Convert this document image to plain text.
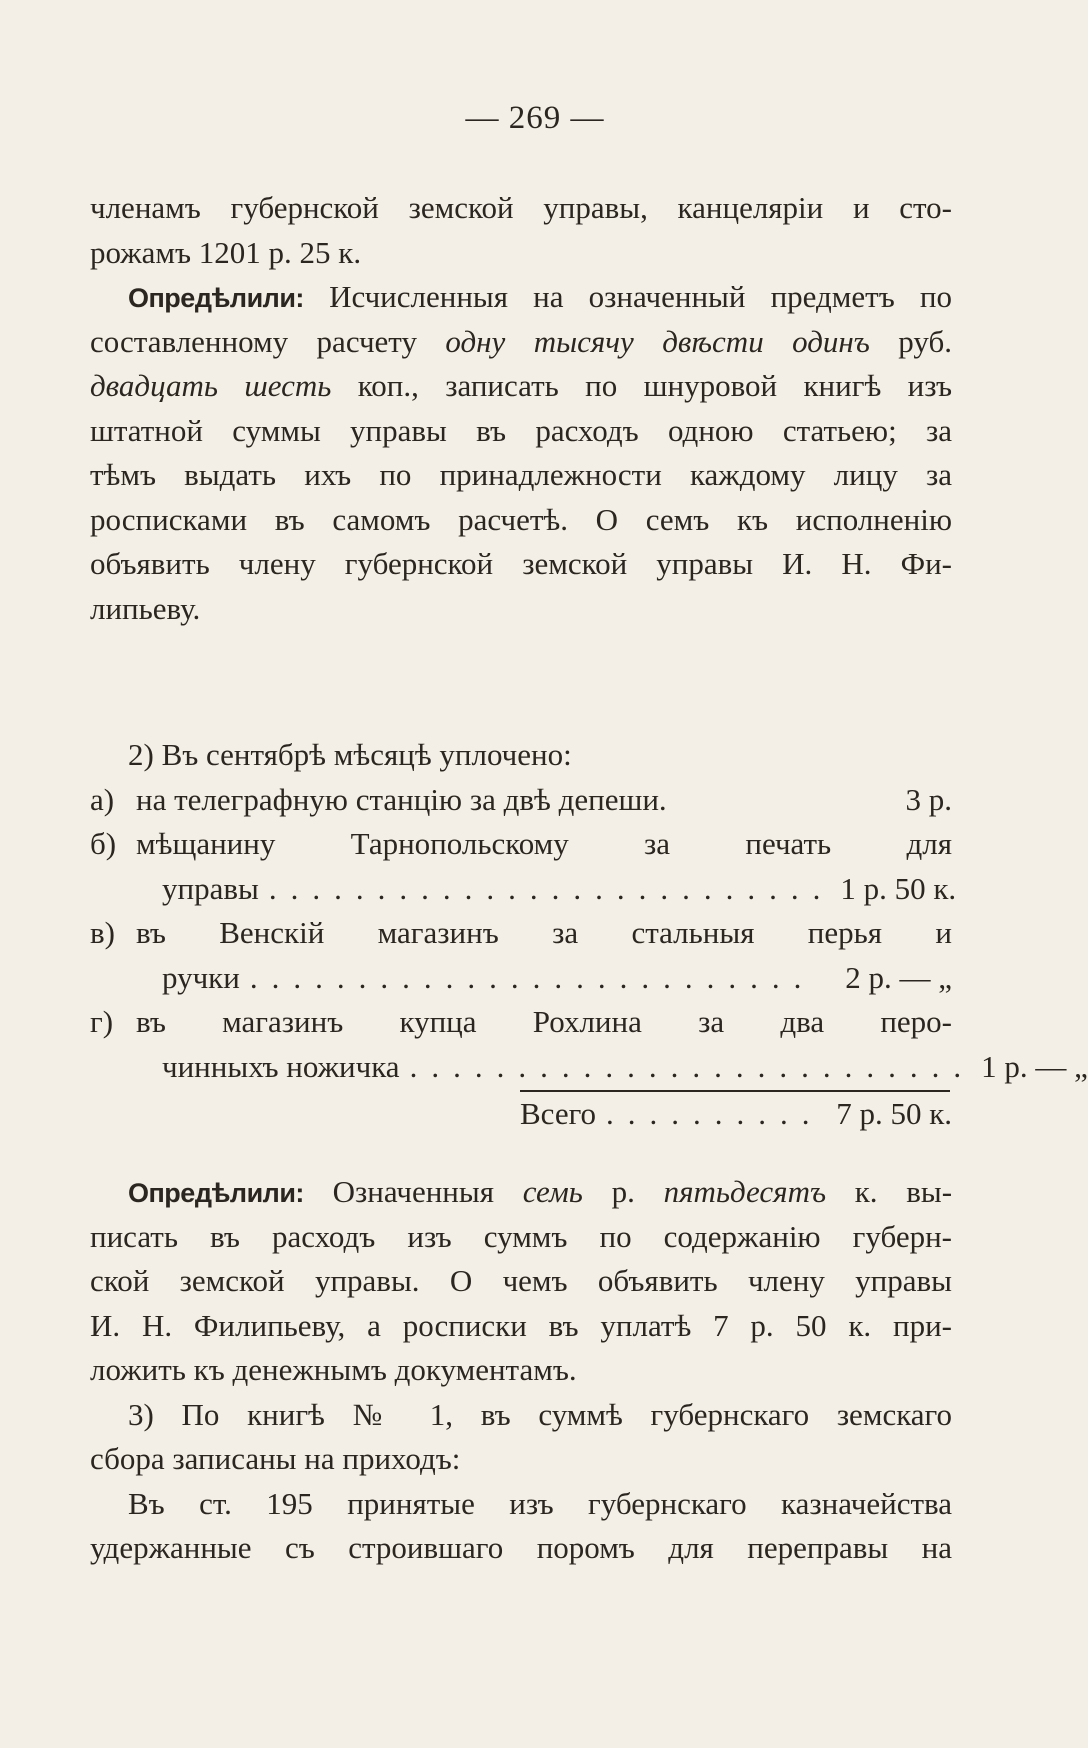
— 269 —
членамъ губернской земской управы, канцеляріи и сто-
рожамъ 1201 р. 25 к.
Опредѣлили: Исчисленныя на означенный предметъ по
составленному расчету одну тысячу двѣсти одинъ руб.
двадцать шесть коп., записать по шнуровой книгѣ изъ
штатной суммы управы въ расходъ одною статьею; за
тѣмъ выдать ихъ по принадлежности каждому лицу за
росписками въ самомъ расчетѣ. О семъ къ исполненію
объявить члену губернской земской управы И. Н. Фи-
липьеву.
2) Въ сентябрѣ мѣсяцѣ уплочено:
а) на телеграфную станцію за двѣ депеши.	3 р.
б) мѣщанину Тарнопольскому за печать для
управы .......................... 1 р. 50 к.
в) въ Венскій магазинъ за стальныя перья и
ручки .......................... 2 р. — „
г) въ магазинъ купца Рохлина за два перо-
чинныхъ ножичка .......................... 1 р. — „
Всего .......... 7 р. 50 к.
Опредѣлили: Означенныя семь р. пятьдесятъ к. вы-
писать въ расходъ изъ суммъ по содержанію губерн-
ской земской управы. О чемъ объявить члену управы
И. Н. Филипьеву, а росписки въ уплатѣ 7 р. 50 к. при-
ложить къ денежнымъ документамъ.
3) По книгѣ № 1, въ суммѣ губернскаго земскаго
сбора записаны на приходъ:
Въ ст. 195 принятые изъ губернскаго казначейства
удержанные съ строившаго поромъ для переправы на
